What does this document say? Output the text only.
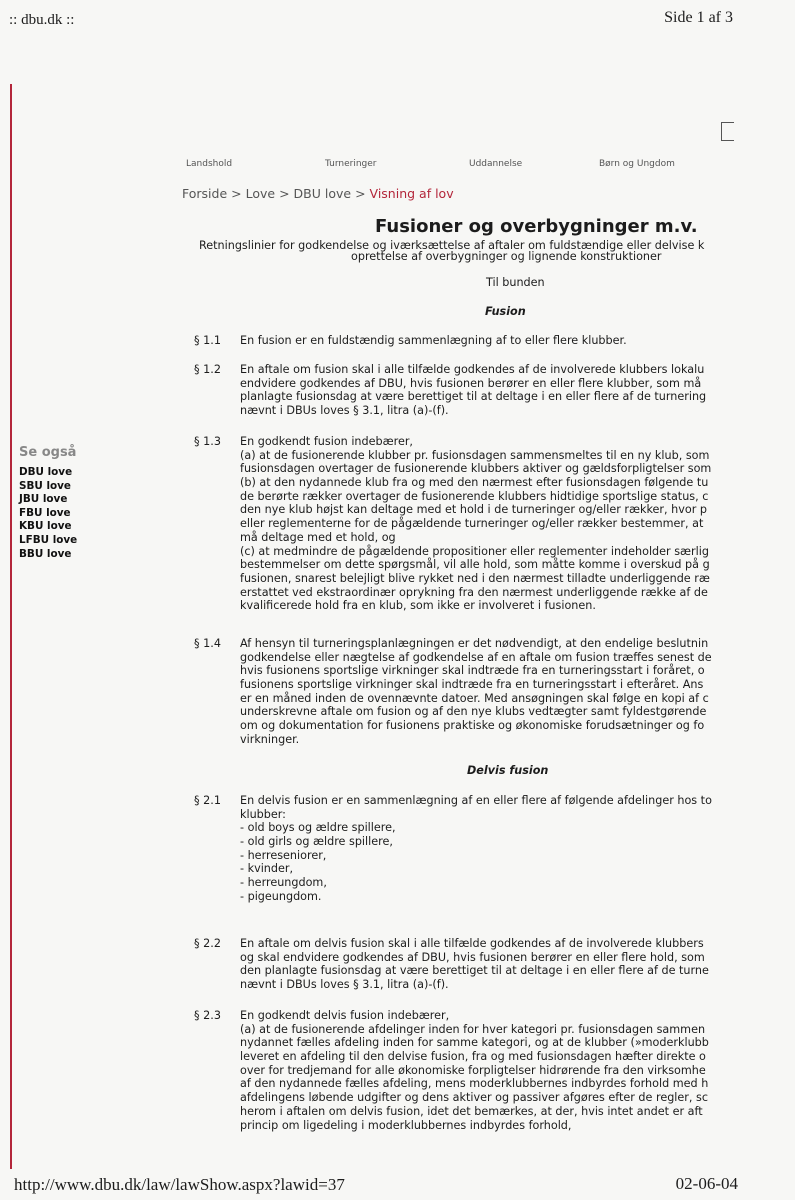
:: dbu.dk ::	Side 1 af 3
Landshold	Turneringer	Uddannelse	Børn og Ungdom
Forside > Love > DBU love > Visning af lov
Se også
DBU love
SBU love
JBU love
FBU love
KBU love
LFBU love
BBU love
Fusioner og overbygninger m.v.
Retningslinier for godkendelse og iværksættelse af aftaler om fuldstændige eller delvise k
oprettelse af overbygninger og lignende konstruktioner
Til bunden
Fusion
Delvis fusion
§ 1.1 En fusion er en fuldstændig sammenlægning af to eller flere klubber.
§ 1.2 En aftale om fusion skal i alle tilfælde godkendes af de involverede klubbers lokalu
endvidere godkendes af DBU, hvis fusionen berører en eller flere klubber, som må
planlagte fusionsdag at være berettiget til at deltage i en eller flere af de turnering
nævnt i DBUs loves § 3.1, litra (a)-(f).
§ 1.3 En godkendt fusion indebærer,
(a) at de fusionerende klubber pr. fusionsdagen sammensmeltes til en ny klub, som
fusionsdagen overtager de fusionerende klubbers aktiver og gældsforpligtelser som
(b) at den nydannede klub fra og med den nærmest efter fusionsdagen følgende tu
de berørte rækker overtager de fusionerende klubbers hidtidige sportslige status, c
den nye klub højst kan deltage med et hold i de turneringer og/eller rækker, hvor p
eller reglementerne for de pågældende turneringer og/eller rækker bestemmer, at
må deltage med et hold, og
(c) at medmindre de pågældende propositioner eller reglementer indeholder særlig
bestemmelser om dette spørgsmål, vil alle hold, som måtte komme i overskud på g
fusionen, snarest belejligt blive rykket ned i den nærmest tilladte underliggende ræ
erstattet ved ekstraordinær oprykning fra den nærmest underliggende række af de
kvalificerede hold fra en klub, som ikke er involveret i fusionen.
§ 1.4 Af hensyn til turneringsplanlægningen er det nødvendigt, at den endelige beslutnin
godkendelse eller nægtelse af godkendelse af en aftale om fusion træffes senest de
hvis fusionens sportslige virkninger skal indtræde fra en turneringsstart i foråret, o
fusionens sportslige virkninger skal indtræde fra en turneringsstart i efteråret. Ans
er en måned inden de ovennævnte datoer. Med ansøgningen skal følge en kopi af c
underskrevne aftale om fusion og af den nye klubs vedtægter samt fyldestgørende
om og dokumentation for fusionens praktiske og økonomiske forudsætninger og fo
virkninger.
§ 2.1 En delvis fusion er en sammenlægning af en eller flere af følgende afdelinger hos to
klubber:
- old boys og ældre spillere,
- old girls og ældre spillere,
- herreseniorer,
- kvinder,
- herreungdom,
- pigeungdom.
§ 2.2 En aftale om delvis fusion skal i alle tilfælde godkendes af de involverede klubbers
og skal endvidere godkendes af DBU, hvis fusionen berører en eller flere hold, som
den planlagte fusionsdag at være berettiget til at deltage i en eller flere af de turne
nævnt i DBUs loves § 3.1, litra (a)-(f).
§ 2.3 En godkendt delvis fusion indebærer,
(a) at de fusionerende afdelinger inden for hver kategori pr. fusionsdagen sammen
nydannet fælles afdeling inden for samme kategori, og at de klubber (»moderklubb
leveret en afdeling til den delvise fusion, fra og med fusionsdagen hæfter direkte o
over for tredjemand for alle økonomiske forpligtelser hidrørende fra den virksomhe
af den nydannede fælles afdeling, mens moderklubbernes indbyrdes forhold med h
afdelingens løbende udgifter og dens aktiver og passiver afgøres efter de regler, sc
herom i aftalen om delvis fusion, idet det bemærkes, at der, hvis intet andet er aft
princip om ligedeling i moderklubbernes indbyrdes forhold,
http://www.dbu.dk/law/lawShow.aspx?lawid=37	02-06-04
